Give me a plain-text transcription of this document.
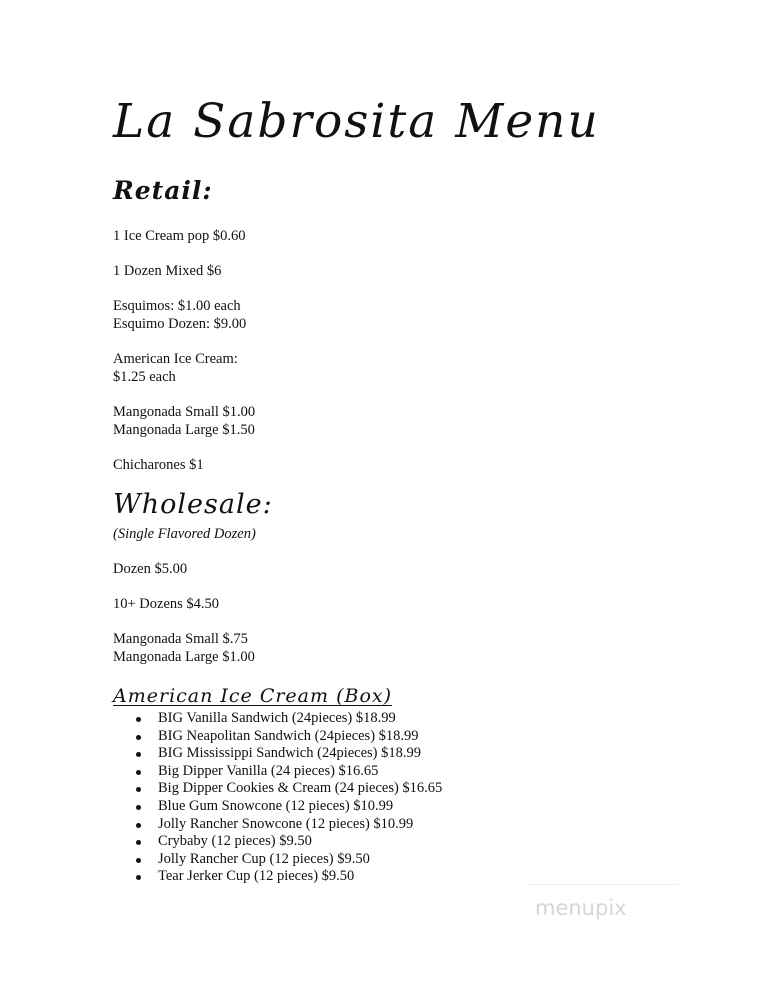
La Sabrosita Menu
Retail:
1 Ice Cream pop $0.60
1 Dozen Mixed $6
Esquimos: $1.00 each
Esquimo Dozen: $9.00
American Ice Cream:
$1.25 each
Mangonada Small $1.00
Mangonada Large $1.50
Chicharones $1
Wholesale:
(Single Flavored Dozen)
Dozen $5.00
10+ Dozens $4.50
Mangonada Small $.75
Mangonada Large $1.00
American Ice Cream (Box)
BIG Vanilla Sandwich (24pieces) $18.99
BIG Neapolitan Sandwich (24pieces) $18.99
BIG Mississippi Sandwich (24pieces) $18.99
Big Dipper Vanilla (24 pieces) $16.65
Big Dipper Cookies & Cream (24 pieces) $16.65
Blue Gum Snowcone (12 pieces) $10.99
Jolly Rancher Snowcone (12 pieces) $10.99
Crybaby (12 pieces) $9.50
Jolly Rancher Cup (12 pieces) $9.50
Tear Jerker Cup (12 pieces) $9.50
menupix
